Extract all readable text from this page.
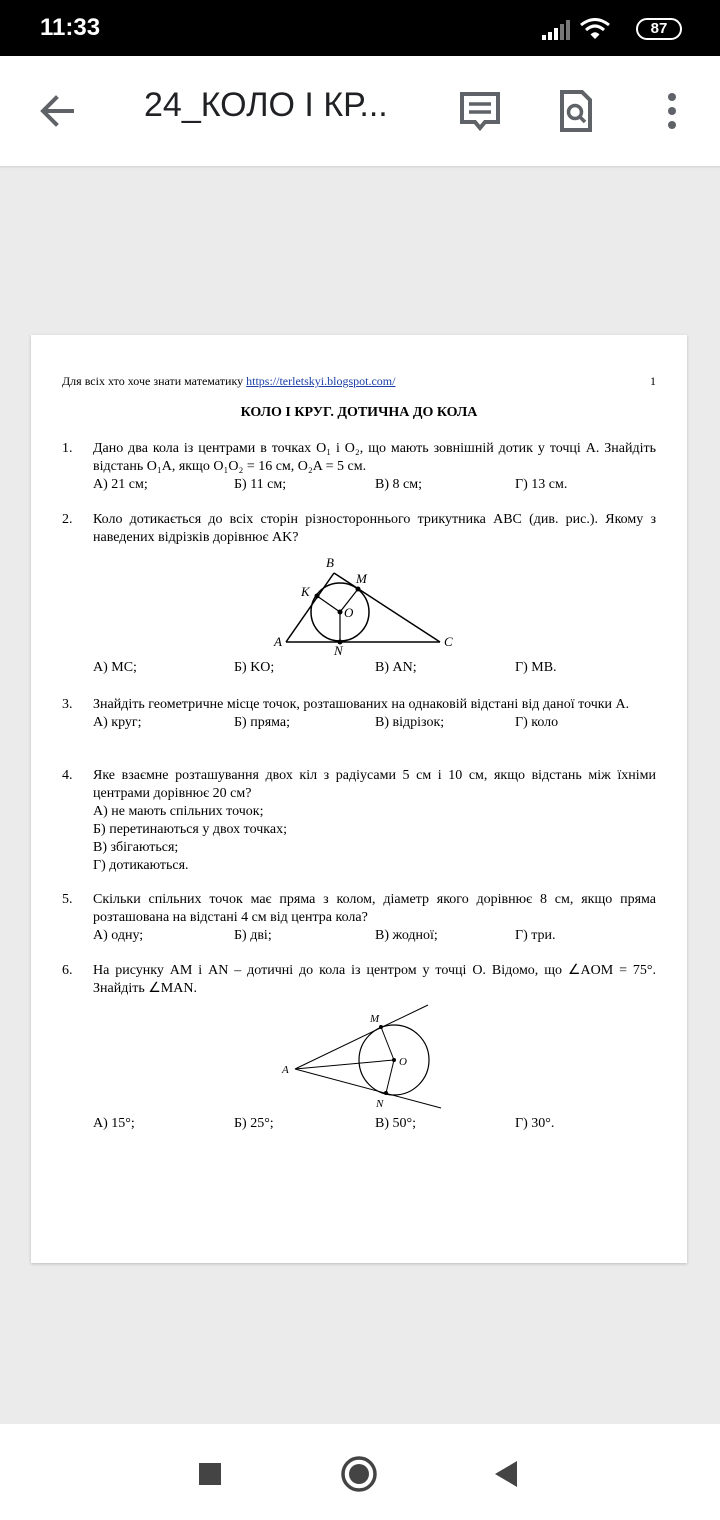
11:33	87
24_КОЛО І КР...
Для всіх хто хоче знати математику https://terletskyi.blogspot.com/	1
КОЛО І КРУГ. ДОТИЧНА ДО КОЛА
1. Дано два кола із центрами в точках O₁ і O₂, що мають зовнішній дотик у точці A. Знайдіть відстань O₁A, якщо O₁O₂ = 16 см, O₂A = 5 см.
А) 21 см;	Б) 11 см;	В) 8 см;	Г) 13 см.
2. Коло дотикається до всіх сторін різностороннього трикутника ABC (див. рис.). Якому з наведених відрізків дорівнює AK?
B
M
K
O
A
N
C
А) MC;	Б) KO;	В) AN;	Г) MB.
3. Знайдіть геометричне місце точок, розташованих на однаковій відстані від даної точки A.
А) круг;	Б) пряма;	В) відрізок;	Г) коло
4. Яке взаємне розташування двох кіл з радіусами 5 см і 10 см, якщо відстань між їхніми центрами дорівнює 20 см?
А) не мають спільних точок;
Б) перетинаються у двох точках;
В) збігаються;
Г) дотикаються.
5. Скільки спільних точок має пряма з колом, діаметр якого дорівнює 8 см, якщо пряма розташована на відстані 4 см від центра кола?
А) одну;	Б) дві;	В) жодної;	Г) три.
6. На рисунку AM і AN – дотичні до кола із центром у точці O. Відомо, що ∠AOM = 75°. Знайдіть ∠MAN.
M
A
O
N
А) 15°;	Б) 25°;	В) 50°;	Г) 30°.
